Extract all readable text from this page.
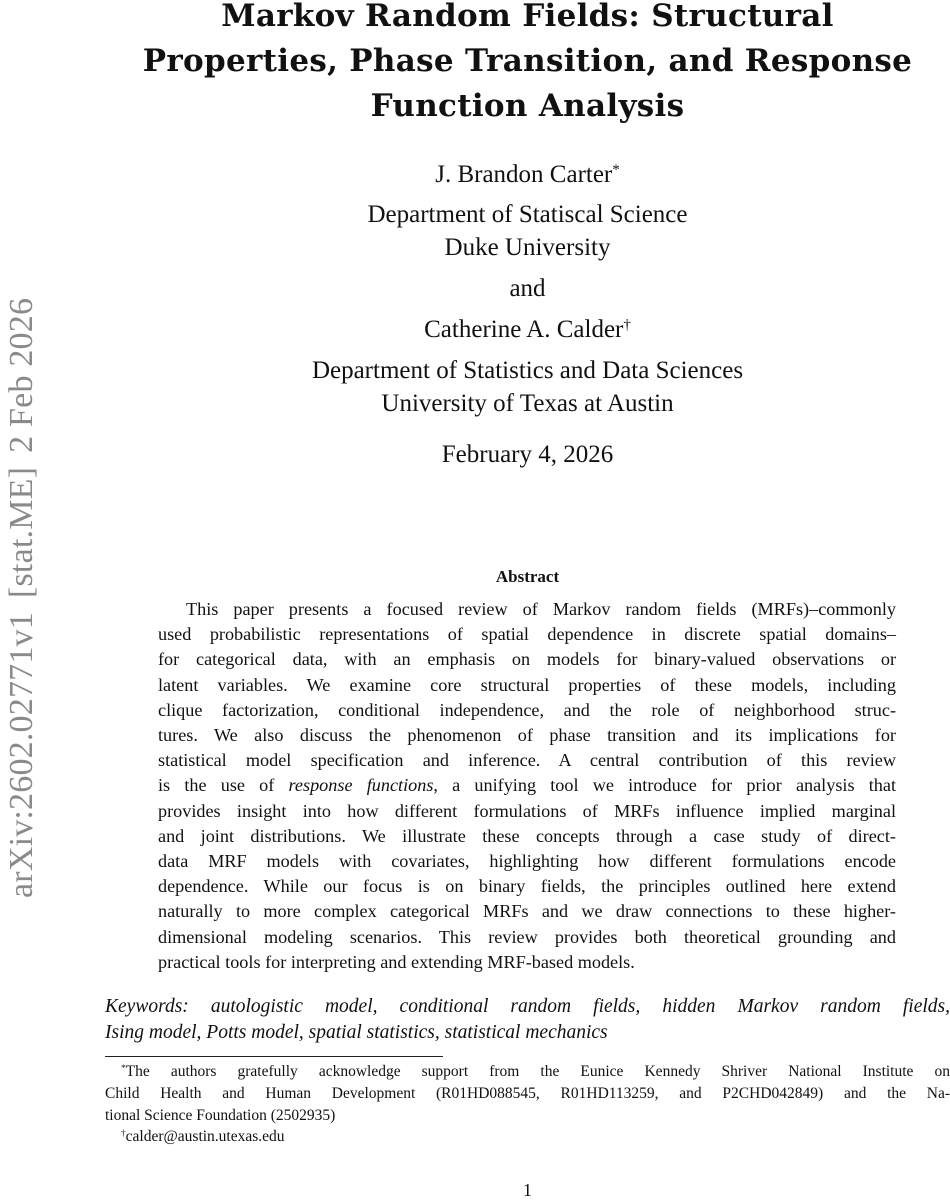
arXiv:2602.02771v1[stat.ME]2 Feb 2026
Markov Random Fields: Structural
Properties, Phase Transition, and Response
Function Analysis
J. Brandon Carter*
Department of Statiscal Science
Duke University
and
Catherine A. Calder†
Department of Statistics and Data Sciences
University of Texas at Austin
February 4, 2026
Abstract
This paper presents a focused review of Markov random fields (MRFs)–commonly
used probabilistic representations of spatial dependence in discrete spatial domains–
for categorical data, with an emphasis on models for binary-valued observations or
latent variables. We examine core structural properties of these models, including
clique factorization, conditional independence, and the role of neighborhood struc-
tures. We also discuss the phenomenon of phase transition and its implications for
statistical model specification and inference. A central contribution of this review
is the use of response functions, a unifying tool we introduce for prior analysis that
provides insight into how different formulations of MRFs influence implied marginal
and joint distributions. We illustrate these concepts through a case study of direct-
data MRF models with covariates, highlighting how different formulations encode
dependence. While our focus is on binary fields, the principles outlined here extend
naturally to more complex categorical MRFs and we draw connections to these higher-
dimensional modeling scenarios. This review provides both theoretical grounding and
practical tools for interpreting and extending MRF-based models.
Keywords: autologistic model, conditional random fields, hidden Markov random fields,
Ising model, Potts model, spatial statistics, statistical mechanics
*The authors gratefully acknowledge support from the Eunice Kennedy Shriver National Institute on
Child Health and Human Development (R01HD088545, R01HD113259, and P2CHD042849) and the Na-
tional Science Foundation (2502935)
†calder@austin.utexas.edu
1
